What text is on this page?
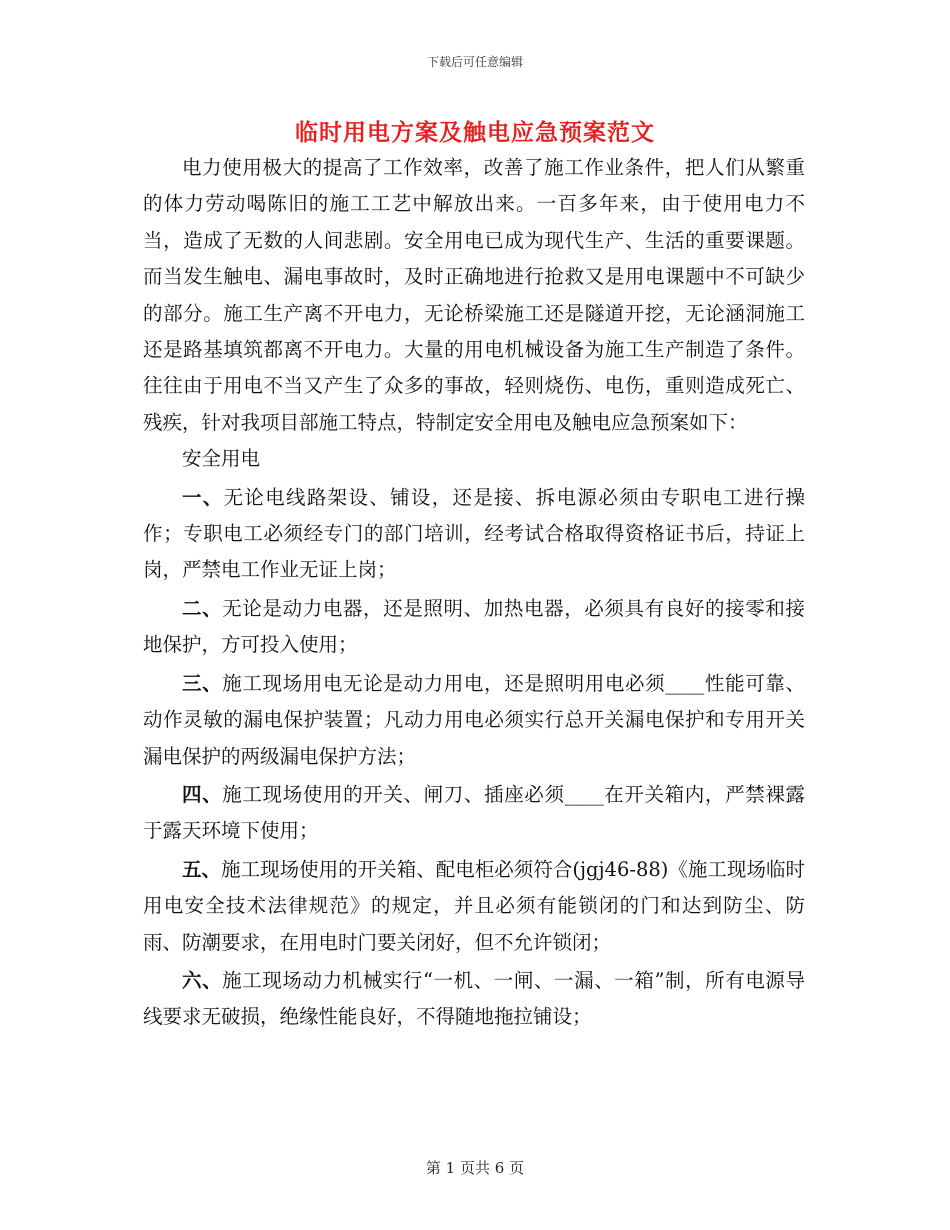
下载后可任意编辑
临时用电方案及触电应急预案范文

电力使用极大的提高了工作效率，改善了施工作业条件，把人们从繁重的体力劳动喝陈旧的施工工艺中解放出来。一百多年来，由于使用电力不当，造成了无数的人间悲剧。安全用电已成为现代生产、生活的重要课题。而当发生触电、漏电事故时，及时正确地进行抢救又是用电课题中不可缺少的部分。施工生产离不开电力，无论桥梁施工还是隧道开挖，无论涵洞施工还是路基填筑都离不开电力。大量的用电机械设备为施工生产制造了条件。往往由于用电不当又产生了众多的事故，轻则烧伤、电伤，重则造成死亡、残疾，针对我项目部施工特点，特制定安全用电及触电应急预案如下：

安全用电

一、无论电线路架设、铺设，还是接、拆电源必须由专职电工进行操作；专职电工必须经专门的部门培训，经考试合格取得资格证书后，持证上岗，严禁电工作业无证上岗；

二、无论是动力电器，还是照明、加热电器，必须具有良好的接零和接地保护，方可投入使用；

三、施工现场用电无论是动力用电，还是照明用电必须____性能可靠、动作灵敏的漏电保护装置；凡动力用电必须实行总开关漏电保护和专用开关漏电保护的两级漏电保护方法；

四、施工现场使用的开关、闸刀、插座必须____在开关箱内，严禁裸露于露天环境下使用；

五、施工现场使用的开关箱、配电柜必须符合(jgj46-88)《施工现场临时用电安全技术法律规范》的规定，并且必须有能锁闭的门和达到防尘、防雨、防潮要求，在用电时门要关闭好，但不允许锁闭；

六、施工现场动力机械实行“一机、一闸、一漏、一箱”制，所有电源导线要求无破损，绝缘性能良好，不得随地拖拉铺设；

第 1 页共 6 页
